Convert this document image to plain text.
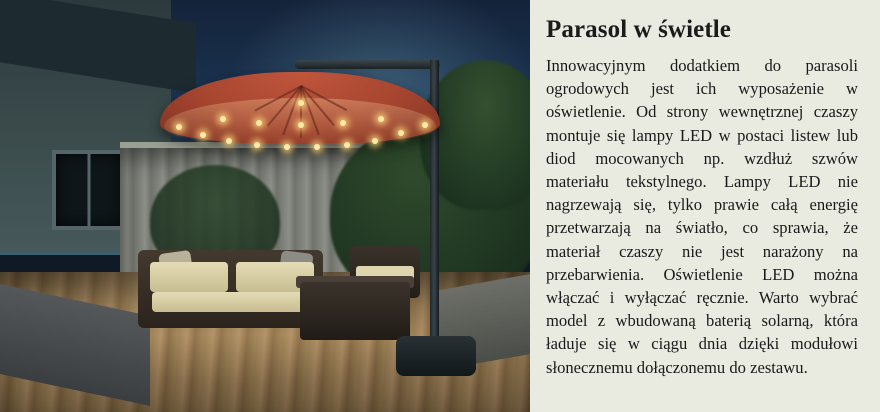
Parasol w świetle

Innowacyjnym dodatkiem do parasoli ogrodowych jest ich wyposażenie w oświetlenie. Od strony wewnętrznej czaszy montuje się lampy LED w postaci listew lub diod mocowanych np. wzdłuż szwów materiału tekstylnego. Lampy LED nie nagrzewają się, tylko prawie całą energię przetwarzają na światło, co sprawia, że materiał czaszy nie jest narażony na przebarwienia. Oświetlenie LED można włączać i wyłączać ręcznie. Warto wybrać model z wbudowaną baterią solarną, która ładuje się w ciągu dnia dzięki modułowi słonecznemu dołączonemu do zestawu.
